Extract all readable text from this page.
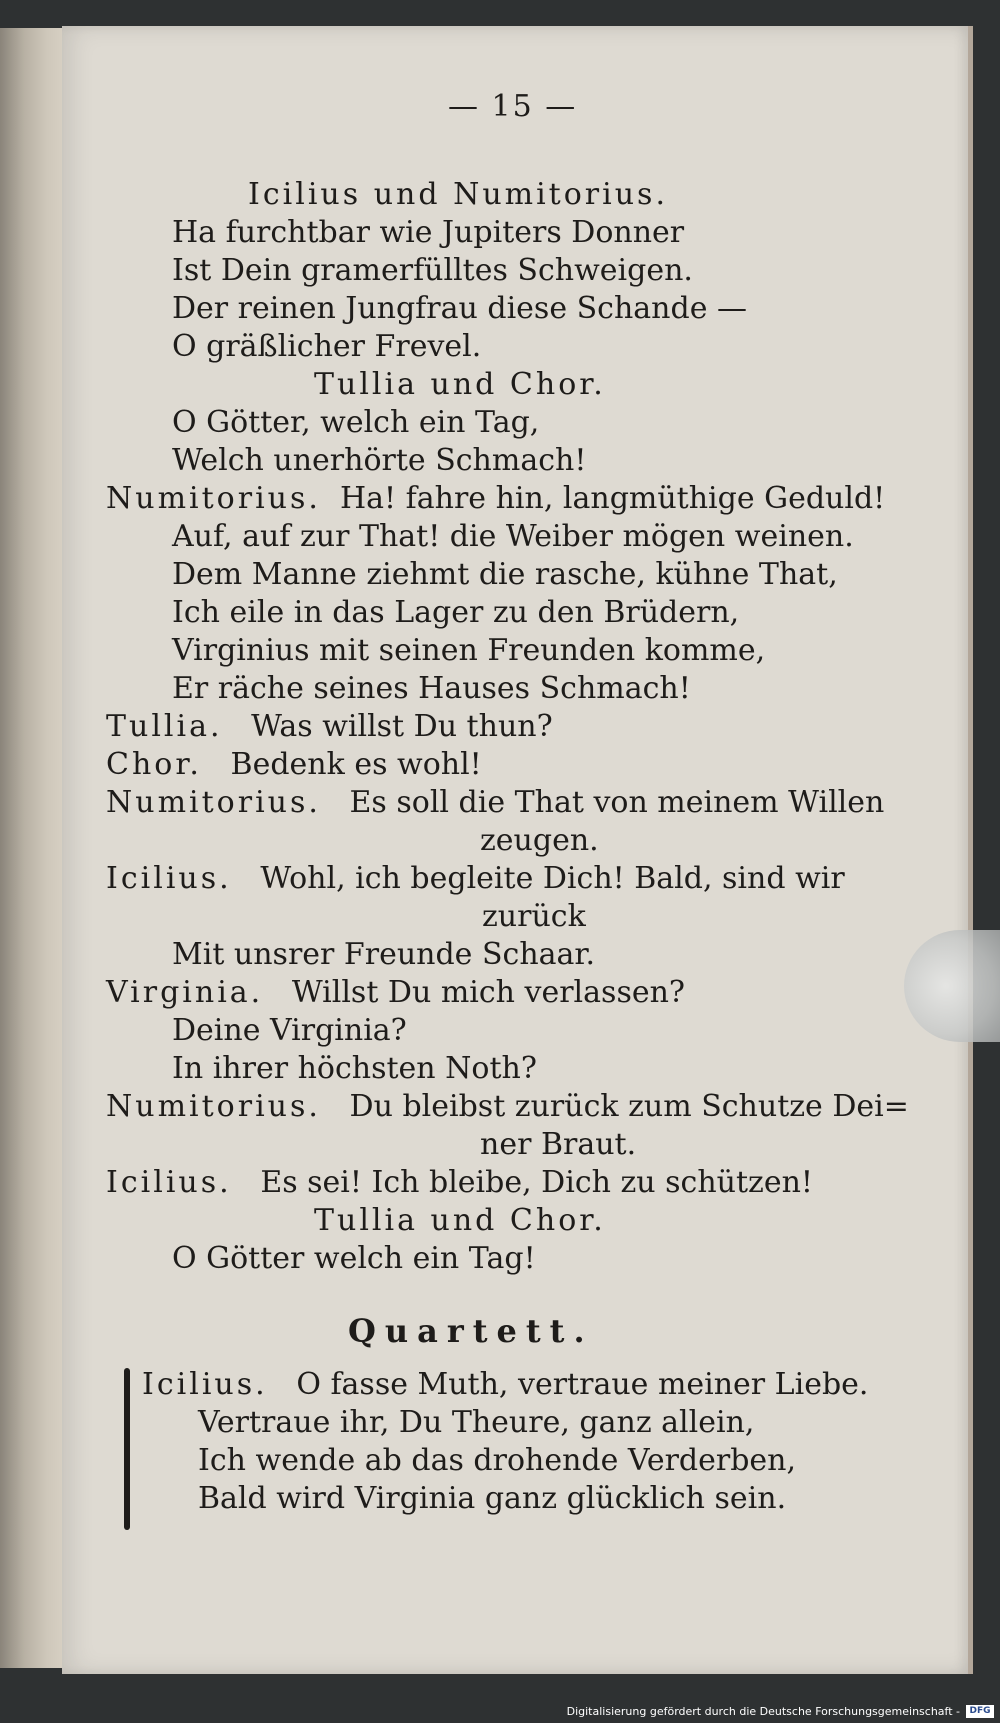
— 15 —
Icilius und Numitorius.
Ha furchtbar wie Jupiters Donner
Ist Dein gramerfülltes Schweigen.
Der reinen Jungfrau diese Schande —
O gräßlicher Frevel.
Tullia und Chor.
O Götter, welch ein Tag,
Welch unerhörte Schmach!
Numitorius. Ha! fahre hin, langmüthige Geduld!
Auf, auf zur That! die Weiber mögen weinen.
Dem Manne ziehmt die rasche, kühne That,
Ich eile in das Lager zu den Brüdern,
Virginius mit seinen Freunden komme,
Er räche seines Hauses Schmach!
Tullia. Was willst Du thun?
Chor. Bedenk es wohl!
Numitorius. Es soll die That von meinem Willen
zeugen.
Icilius. Wohl, ich begleite Dich! Bald, sind wir
zurück
Mit unsrer Freunde Schaar.
Virginia. Willst Du mich verlassen?
Deine Virginia?
In ihrer höchsten Noth?
Numitorius. Du bleibst zurück zum Schutze Dei=
ner Braut.
Icilius. Es sei! Ich bleibe, Dich zu schützen!
Tullia und Chor.
O Götter welch ein Tag!
Quartett.
Icilius. O fasse Muth, vertraue meiner Liebe.
Vertraue ihr, Du Theure, ganz allein,
Ich wende ab das drohende Verderben,
Bald wird Virginia ganz glücklich sein.
Digitalisierung gefördert durch die Deutsche Forschungsgemeinschaft -	DFG
